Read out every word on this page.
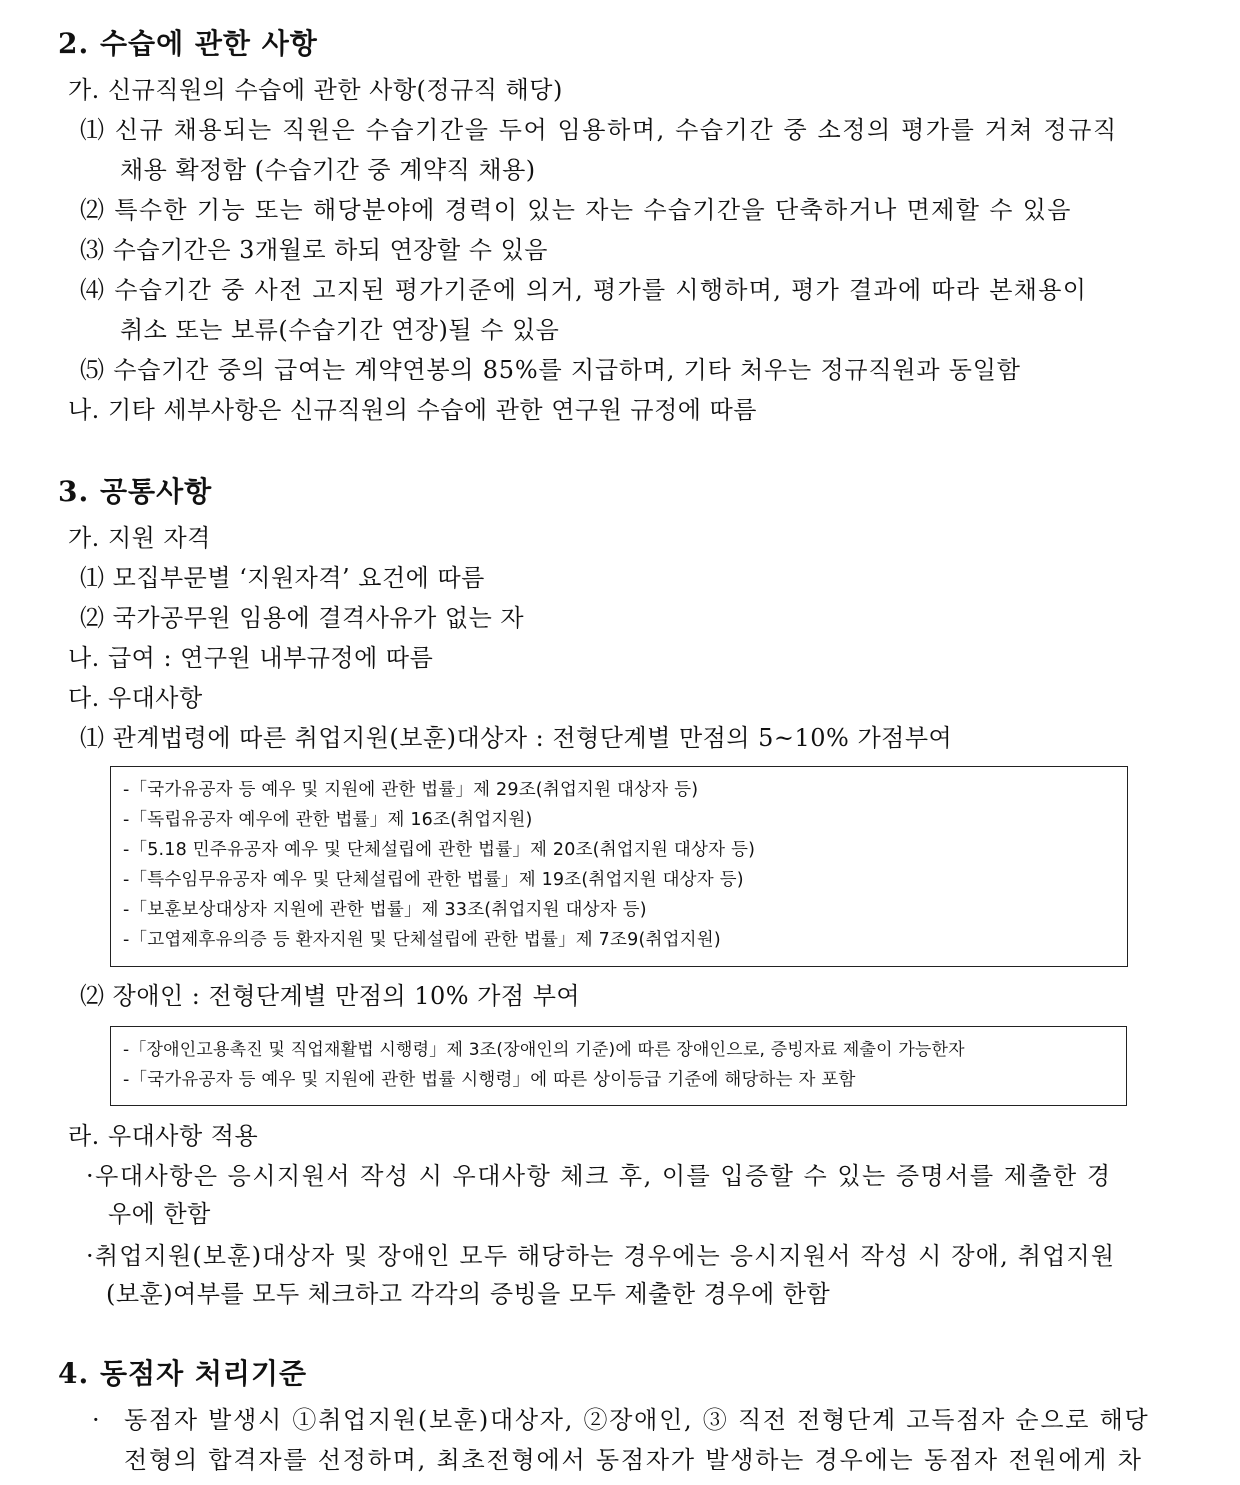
2. 수습에 관한 사항
가. 신규직원의 수습에 관한 사항(정규직 해당)
⑴ 신규 채용되는 직원은 수습기간을 두어 임용하며, 수습기간 중 소정의 평가를 거쳐 정규직
채용 확정함 (수습기간 중 계약직 채용)
⑵ 특수한 기능 또는 해당분야에 경력이 있는 자는 수습기간을 단축하거나 면제할 수 있음
⑶ 수습기간은 3개월로 하되 연장할 수 있음
⑷ 수습기간 중 사전 고지된 평가기준에 의거, 평가를 시행하며, 평가 결과에 따라 본채용이
취소 또는 보류(수습기간 연장)될 수 있음
⑸ 수습기간 중의 급여는 계약연봉의 85%를 지급하며, 기타 처우는 정규직원과 동일함
나. 기타 세부사항은 신규직원의 수습에 관한 연구원 규정에 따름
3. 공통사항
가. 지원 자격
⑴ 모집부문별 ‘지원자격’ 요건에 따름
⑵ 국가공무원 임용에 결격사유가 없는 자
나. 급여 : 연구원 내부규정에 따름
다. 우대사항
⑴ 관계법령에 따른 취업지원(보훈)대상자 : 전형단계별 만점의 5~10% 가점부여
-「국가유공자 등 예우 및 지원에 관한 법률」제 29조(취업지원 대상자 등)
-「독립유공자 예우에 관한 법률」제 16조(취업지원)
-「5.18 민주유공자 예우 및 단체설립에 관한 법률」제 20조(취업지원 대상자 등)
-「특수임무유공자 예우 및 단체설립에 관한 법률」제 19조(취업지원 대상자 등)
-「보훈보상대상자 지원에 관한 법률」제 33조(취업지원 대상자 등)
-「고엽제후유의증 등 환자지원 및 단체설립에 관한 법률」제 7조9(취업지원)
⑵ 장애인 : 전형단계별 만점의 10% 가점 부여
-「장애인고용촉진 및 직업재활법 시행령」제 3조(장애인의 기준)에 따른 장애인으로, 증빙자료 제출이 가능한자
-「국가유공자 등 예우 및 지원에 관한 법률 시행령」에 따른 상이등급 기준에 해당하는 자 포함
라. 우대사항 적용
·우대사항은 응시지원서 작성 시 우대사항 체크 후, 이를 입증할 수 있는 증명서를 제출한 경
우에 한함
·취업지원(보훈)대상자 및 장애인 모두 해당하는 경우에는 응시지원서 작성 시 장애, 취업지원
(보훈)여부를 모두 체크하고 각각의 증빙을 모두 제출한 경우에 한함
4. 동점자 처리기준
· 동점자 발생시 ①취업지원(보훈)대상자, ②장애인, ③ 직전 전형단계 고득점자 순으로 해당
전형의 합격자를 선정하며, 최초전형에서 동점자가 발생하는 경우에는 동점자 전원에게 차
